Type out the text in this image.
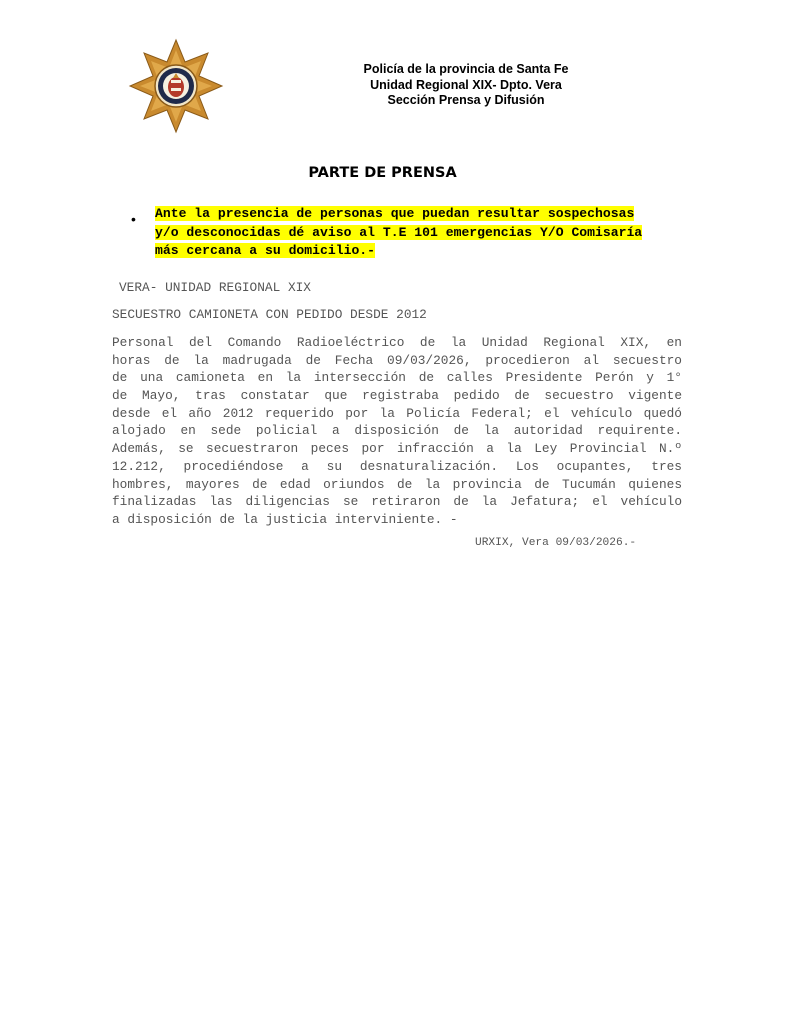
Policía de la provincia de Santa Fe
Unidad Regional XIX- Dpto. Vera
Sección Prensa y Difusión
PARTE DE PRENSA
• Ante la presencia de personas que puedan resultar sospechosas
y/o desconocidas dé aviso al T.E 101 emergencias Y/O Comisaría
más cercana a su domicilio.-
VERA- UNIDAD REGIONAL XIX
SECUESTRO CAMIONETA CON PEDIDO DESDE 2012
Personal del Comando Radioeléctrico de la Unidad Regional XIX, en
horas de la madrugada de Fecha 09/03/2026, procedieron al secuestro
de una camioneta en la intersección de calles Presidente Perón y 1°
de Mayo, tras constatar que registraba pedido de secuestro vigente
desde el año 2012 requerido por la Policía Federal; el vehículo quedó
alojado en sede policial a disposición de la autoridad requirente.
Además, se secuestraron peces por infracción a la Ley Provincial N.º
12.212, procediéndose a su desnaturalización. Los ocupantes, tres
hombres, mayores de edad oriundos de la provincia de Tucumán quienes
finalizadas las diligencias se retiraron de la Jefatura; el vehículo
a disposición de la justicia interviniente. -
URXIX, Vera 09/03/2026.-
